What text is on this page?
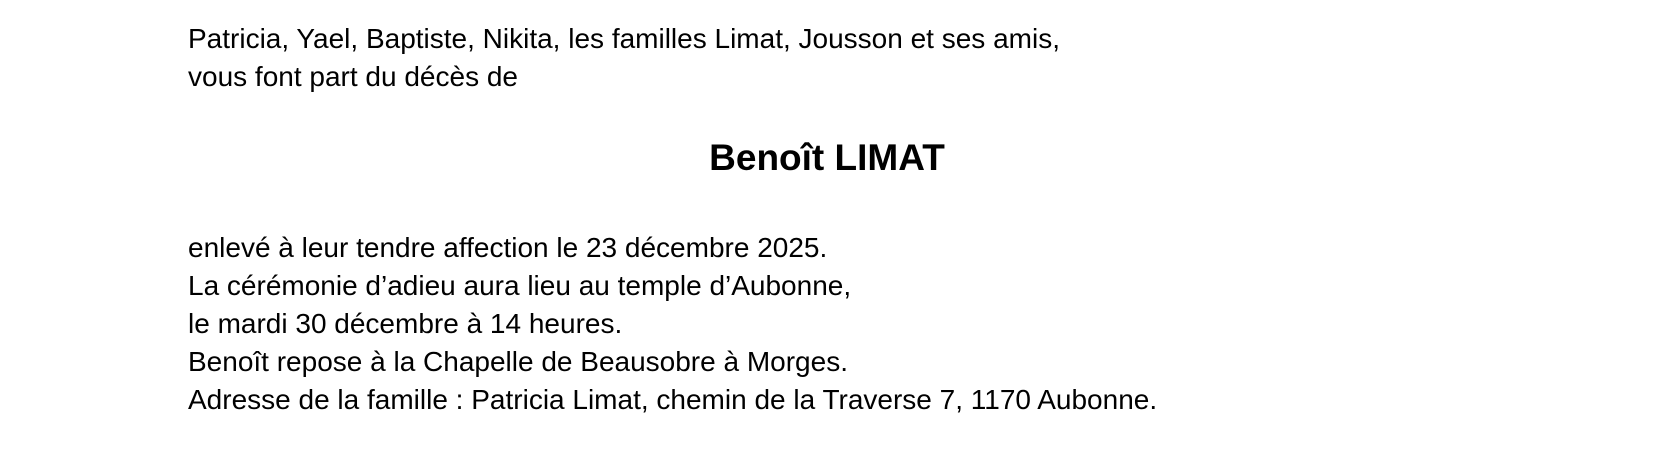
Patricia, Yael, Baptiste, Nikita, les familles Limat, Jousson et ses amis,
vous font part du décès de
Benoît LIMAT
enlevé à leur tendre affection le 23 décembre 2025.
La cérémonie d’adieu aura lieu au temple d’Aubonne,
le mardi 30 décembre à 14 heures.
Benoît repose à la Chapelle de Beausobre à Morges.
Adresse de la famille : Patricia Limat, chemin de la Traverse 7, 1170 Aubonne.
